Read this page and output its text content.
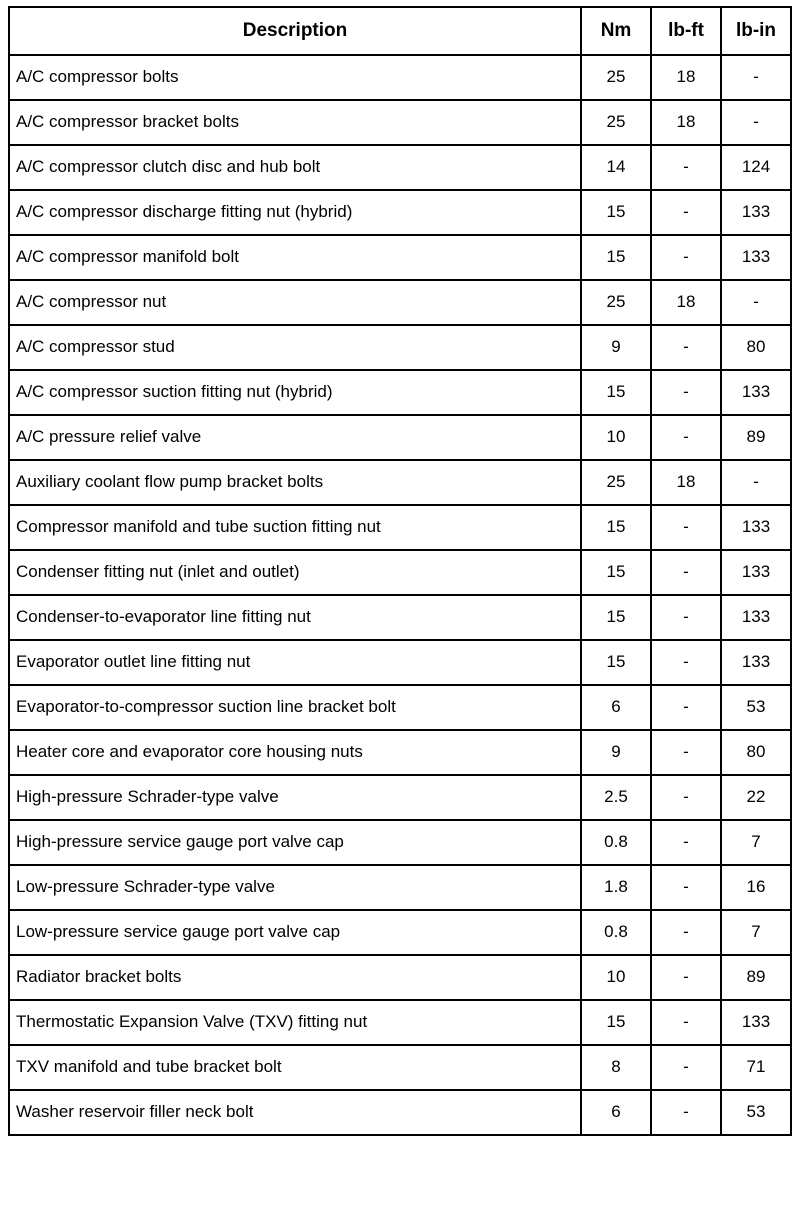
Description	Nm	lb-ft	lb-in
A/C compressor bolts	25	18	-
A/C compressor bracket bolts	25	18	-
A/C compressor clutch disc and hub bolt	14	-	124
A/C compressor discharge fitting nut (hybrid)	15	-	133
A/C compressor manifold bolt	15	-	133
A/C compressor nut	25	18	-
A/C compressor stud	9	-	80
A/C compressor suction fitting nut (hybrid)	15	-	133
A/C pressure relief valve	10	-	89
Auxiliary coolant flow pump bracket bolts	25	18	-
Compressor manifold and tube suction fitting nut	15	-	133
Condenser fitting nut (inlet and outlet)	15	-	133
Condenser-to-evaporator line fitting nut	15	-	133
Evaporator outlet line fitting nut	15	-	133
Evaporator-to-compressor suction line bracket bolt	6	-	53
Heater core and evaporator core housing nuts	9	-	80
High-pressure Schrader-type valve	2.5	-	22
High-pressure service gauge port valve cap	0.8	-	7
Low-pressure Schrader-type valve	1.8	-	16
Low-pressure service gauge port valve cap	0.8	-	7
Radiator bracket bolts	10	-	89
Thermostatic Expansion Valve (TXV) fitting nut	15	-	133
TXV manifold and tube bracket bolt	8	-	71
Washer reservoir filler neck bolt	6	-	53
